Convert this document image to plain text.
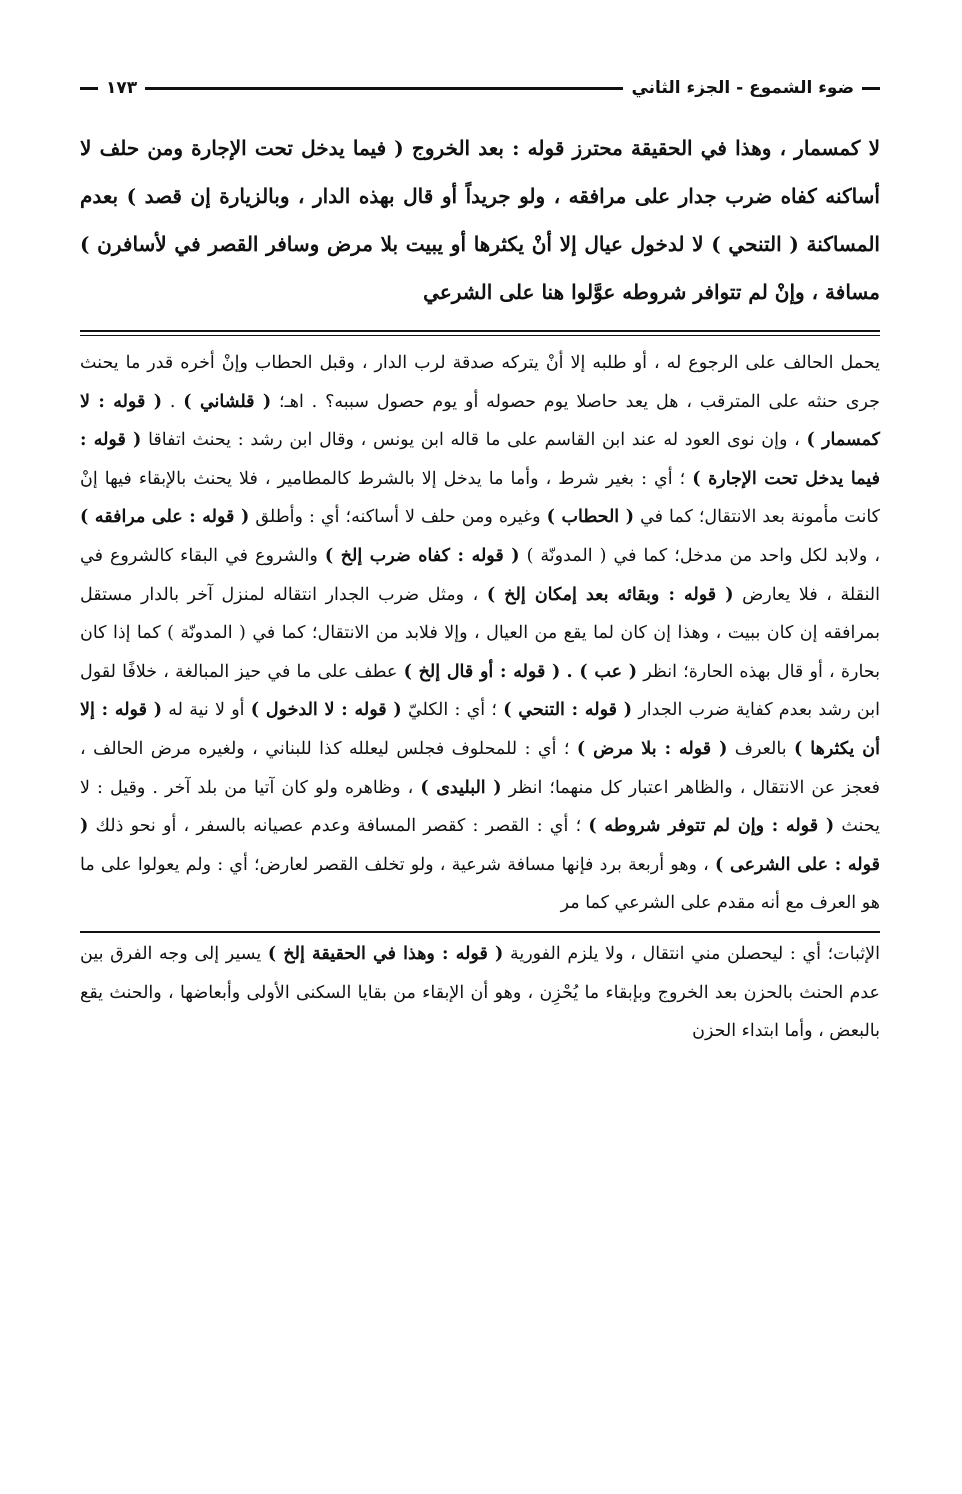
ضوء الشموع - الجزء الثاني
١٧٣

لا كمسمار ، وهذا في الحقيقة محترز قوله : بعد الخروج ( فيما يدخل تحت الإجارة ومن حلف لا أساكنه كفاه ضرب جدار على مرافقه ، ولو جريداً أو قال بهذه الدار ، وبالزيارة إن قصد ) بعدم المساكنة ( التنحي ) لا لدخول عيال إلا أنْ يكثرها أو يبيت بلا مرض وسافر القصر في لأسافرن ) مسافة ، وإنْ لم تتوافر شروطه عوَّلوا هنا على الشرعي

يحمل الحالف على الرجوع له ، أو طلبه إلا أنْ يتركه صدقة لرب الدار ، وقبل الحطاب وإنْ أخره قدر ما يحنث جرى حنثه على المترقب ، هل يعد حاصلا يوم حصوله أو يوم حصول سببه؟ . اهـ؛ ( قلشاني ) . ( قوله : لا كمسمار ) ، وإن نوى العود له عند ابن القاسم على ما قاله ابن يونس ، وقال ابن رشد : يحنث اتفاقا ( قوله : فيما يدخل تحت الإجارة ) ؛ أي : بغير شرط ، وأما ما يدخل إلا بالشرط كالمطامير ، فلا يحنث بالإبقاء فيها إنْ كانت مأمونة بعد الانتقال؛ كما في ( الحطاب ) وغيره ومن حلف لا أساكنه؛ أي : وأطلق ( قوله : على مرافقه ) ، ولابد لكل واحد من مدخل؛ كما في ( المدونّة ) ( قوله : كفاه ضرب إلخ ) والشروع في البقاء كالشروع في النقلة ، فلا يعارض ( قوله : وبقائه بعد إمكان إلخ ) ، ومثل ضرب الجدار انتقاله لمنزل آخر بالدار مستقل بمرافقه إن كان ببيت ، وهذا إن كان لما يقع من العيال ، وإلا فلابد من الانتقال؛ كما في ( المدونّة ) كما إذا كان بحارة ، أو قال بهذه الحارة؛ انظر ( عب ) . ( قوله : أو قال إلخ ) عطف على ما في حيز المبالغة ، خلافًا لقول ابن رشد بعدم كفاية ضرب الجدار ( قوله : التنحي ) ؛ أي : الكليّ ( قوله : لا الدخول ) أو لا نية له ( قوله : إلا أن يكثرها ) بالعرف ( قوله : بلا مرض ) ؛ أي : للمحلوف فجلس ليعلله كذا للبناني ، ولغيره مرض الحالف ، فعجز عن الانتقال ، والظاهر اعتبار كل منهما؛ انظر ( البليدى ) ، وظاهره ولو كان آتيا من بلد آخر . وقيل : لا يحنث ( قوله : وإن لم تتوفر شروطه ) ؛ أي : القصر : كقصر المسافة وعدم عصيانه بالسفر ، أو نحو ذلك ( قوله : على الشرعى ) ، وهو أربعة برد فإنها مسافة شرعية ، ولو تخلف القصر لعارض؛ أي : ولم يعولوا على ما هو العرف مع أنه مقدم على الشرعي كما مر

الإثبات؛ أي : ليحصلن مني انتقال ، ولا يلزم الفورية ( قوله : وهذا في الحقيقة إلخ ) يسير إلى وجه الفرق بين عدم الحنث بالحزن بعد الخروج وبإبقاء ما يُحْزِن ، وهو أن الإبقاء من بقايا السكنى الأولى وأبعاضها ، والحنث يقع بالبعض ، وأما ابتداء الحزن
